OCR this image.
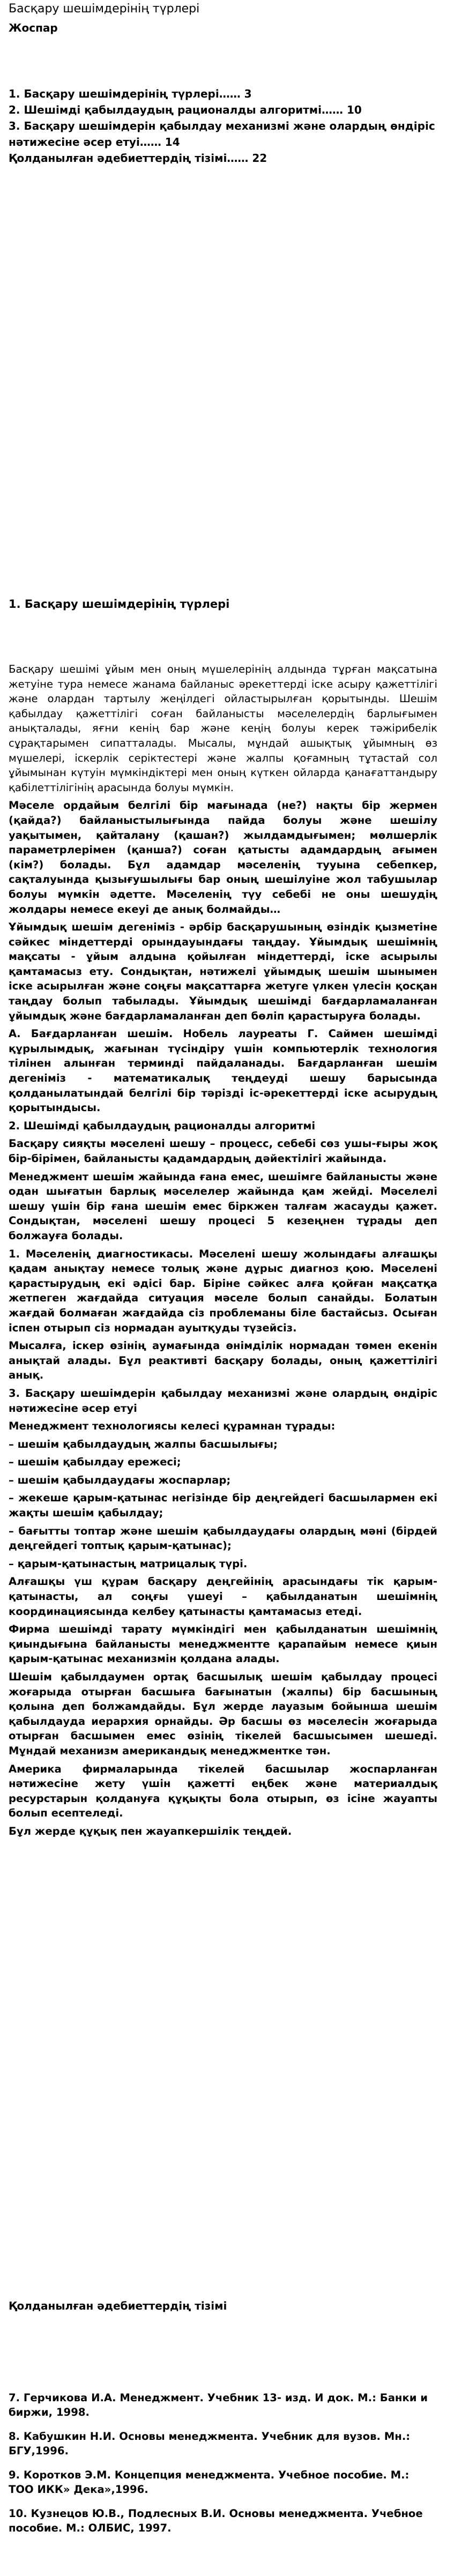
Басқару шешімдерінің түрлері
Жоспар
1. Басқару шешімдерінің түрлері…… 3
2. Шешімді қабылдаудың рационалды алгоритмі…… 10
3. Басқару шешімдерін қабылдау механизмі және олардың өндіріс нәтижесіне әсер етуі…… 14
Қолданылған әдебиеттердің тізімі…… 22
1. Басқару шешімдерінің түрлері

Басқару шешімі ұйым мен оның мүшелерінің алдында тұрған мақсатына жетуіне тура немесе жанама байланыс әрекеттерді іске асыру қажеттілігі және олардан тартылу жеңілдегі ойластырылған қорытынды. Шешім қабылдау қажеттілігі соған байланысты мәселелердің барлығымен анықталады, яғни кенің бар және кеңің болуы керек тәжірибелік сұрақтарымен сипатталады. Мысалы, мұндай ашықтық ұйымның өз мүшелері, іскерлік серіктестері және жалпы қоғамның тұтастай сол ұйымынан күтуін мүмкіндіктері мен оның күткен ойларда қанағаттандыру қабілеттілігінің арасында болуы мүмкін.

Мәселе ордайым белгілі бір мағынада (не?) нақты бір жермен (қайда?) байланыстылығында пайда болуы және шешілу уақытымен, қайталану (қашан?) жылдамдығымен; мөлшерлік параметрлерімен (қанша?) соған қатысты адамдардың ағымен (кім?) болады. Бұл адамдар мәселенің тууына себепкер, сақталуында қызығушылығы бар оның шешілуіне жол табушылар болуы мүмкін әдетте. Мәселенің түу себебі не оны шешудің жолдары немесе екеуі де анық болмайды…

Ұйымдық шешім дегеніміз - әрбір басқарушының өзіндік қызметіне сәйкес міндеттерді орындауындағы таңдау. Ұйымдық шешімнің мақсаты - ұйым алдына қойылған міндеттерді, іске асырылы қамтамасыз ету. Сондықтан, нәтижелі ұйымдық шешім шынымен іске асырылған және соңғы мақсаттарға жетуге үлкен үлесін қосқан таңдау болып табылады. Ұйымдық шешімді бағдарламаланған ұйымдық және бағдарламаланған деп бөліп қарастыруға болады.

А. Бағдарланған шешім. Нобель лауреаты Г. Саймен шешімді құрылымдық, жағынан түсіндіру үшін компьютерлік технология тілінен алынған терминді пайдаланады. Бағдарланған шешім дегеніміз - математикалық теңдеуді шешу барысында қолданылатындай белгілі бір тәрізді іс-әрекеттерді іске асырудың қорытындысы.

2. Шешімді қабылдаудың рационалды алгоритмі

Басқару сияқты мәселені шешу – процесс, себебі сөз ушы-ғыры жоқ бір-бірімен, байланысты қадамдардың дәйектілігі жайында.

Менеджмент шешім жайында ғана емес, шешімге байланысты және одан шығатын барлық мәселелер жайында қам жейді. Мәселелі шешу үшін бір ғана шешім емес біркжен талғам жасауды қажет. Сондықтан, мәселені шешу процесі 5 кезеңнен тұрады деп болжауға болады.

1. Мәселенің диагностикасы. Мәселені шешу жолындағы алғашқы қадам анықтау немесе толық және дұрыс диагноз қою. Мәселені қарастырудың екі әдісі бар. Біріне сәйкес алға қойған мақсатқа жетпеген жағдайда ситуация мәселе болып санайды. Болатын жағдай болмаған жағдайда сіз проблеманы біле бастайсыз. Осыған іспен отырып сіз нормадан ауытқуды түзейсіз.

Мысалға, іскер өзінің аумағында өнімділік нормадан төмен екенін анықтай алады. Бұл реактивті басқару болады, оның қажеттілігі анық.

3. Басқару шешімдерін қабылдау механизмі және олардың өндіріс нәтижесіне әсер етуі

Менеджмент технологиясы келесі құрамнан тұрады:

– шешім қабылдаудың жалпы басшылығы;

– шешім қабылдау ережесі;

– шешім қабылдаудағы жоспарлар;

– жекеше қарым-қатынас негізінде бір деңгейдегі басшылармен екі жақты шешім қабылдау;

– бағытты топтар және шешім қабылдаудағы олардың мәні (бірдей деңгейдегі топтық қарым-қатынас);

– қарым-қатынастың матрицалық түрі.

Алғашқы үш құрам басқару деңгейінің арасындағы тік қарым-қатынасты, ал соңғы үшеуі – қабылданатын шешімнің координациясында келбеу қатынасты қамтамасыз етеді.

Фирма шешімді тарату мүмкіндігі мен қабылданатын шешімнің қиындығына байланысты менеджментте қарапайым немесе қиын қарым-қатынас механизмін қолдана алады.

Шешім қабылдаумен ортақ басшылық шешім қабылдау процесі жоғарыда отырған басшыға бағынатын (жалпы) бір басшының қолына деп болжамдайды. Бұл жерде лауазым бойынша шешім қабылдауда иерархия орнайды. Әр басшы өз мәселесін жоғарыда отырған басшымен емес өзінің тікелей басшысымен шешеді. Мұндай механизм американдық менеджментке тән.

Америка фирмаларында тікелей басшылар жоспарланған нәтижесіне жету үшін қажетті еңбек және материалдық ресурстарын қолдануға құқықты бола отырып, өз ісіне жауапты болып есептеледі.

Бұл жерде құқық пен жауапкершілік теңдей.

Қолданылған әдебиеттердің тізімі

7. Герчикова И.А. Менеджмент. Учебник 13- изд. И док. М.: Банки и биржи, 1998.

8. Кабушкин Н.И. Основы менеджмента. Учебник для вузов. Мн.: БГУ,1996.

9. Коротков Э.М. Концепция менеджмента. Учебное пособие. М.: ТОО ИКК» Дека»,1996.

10. Кузнецов Ю.В., Подлесных В.И. Основы менеджмента. Учебное пособие. М.: ОЛБИС, 1997.
